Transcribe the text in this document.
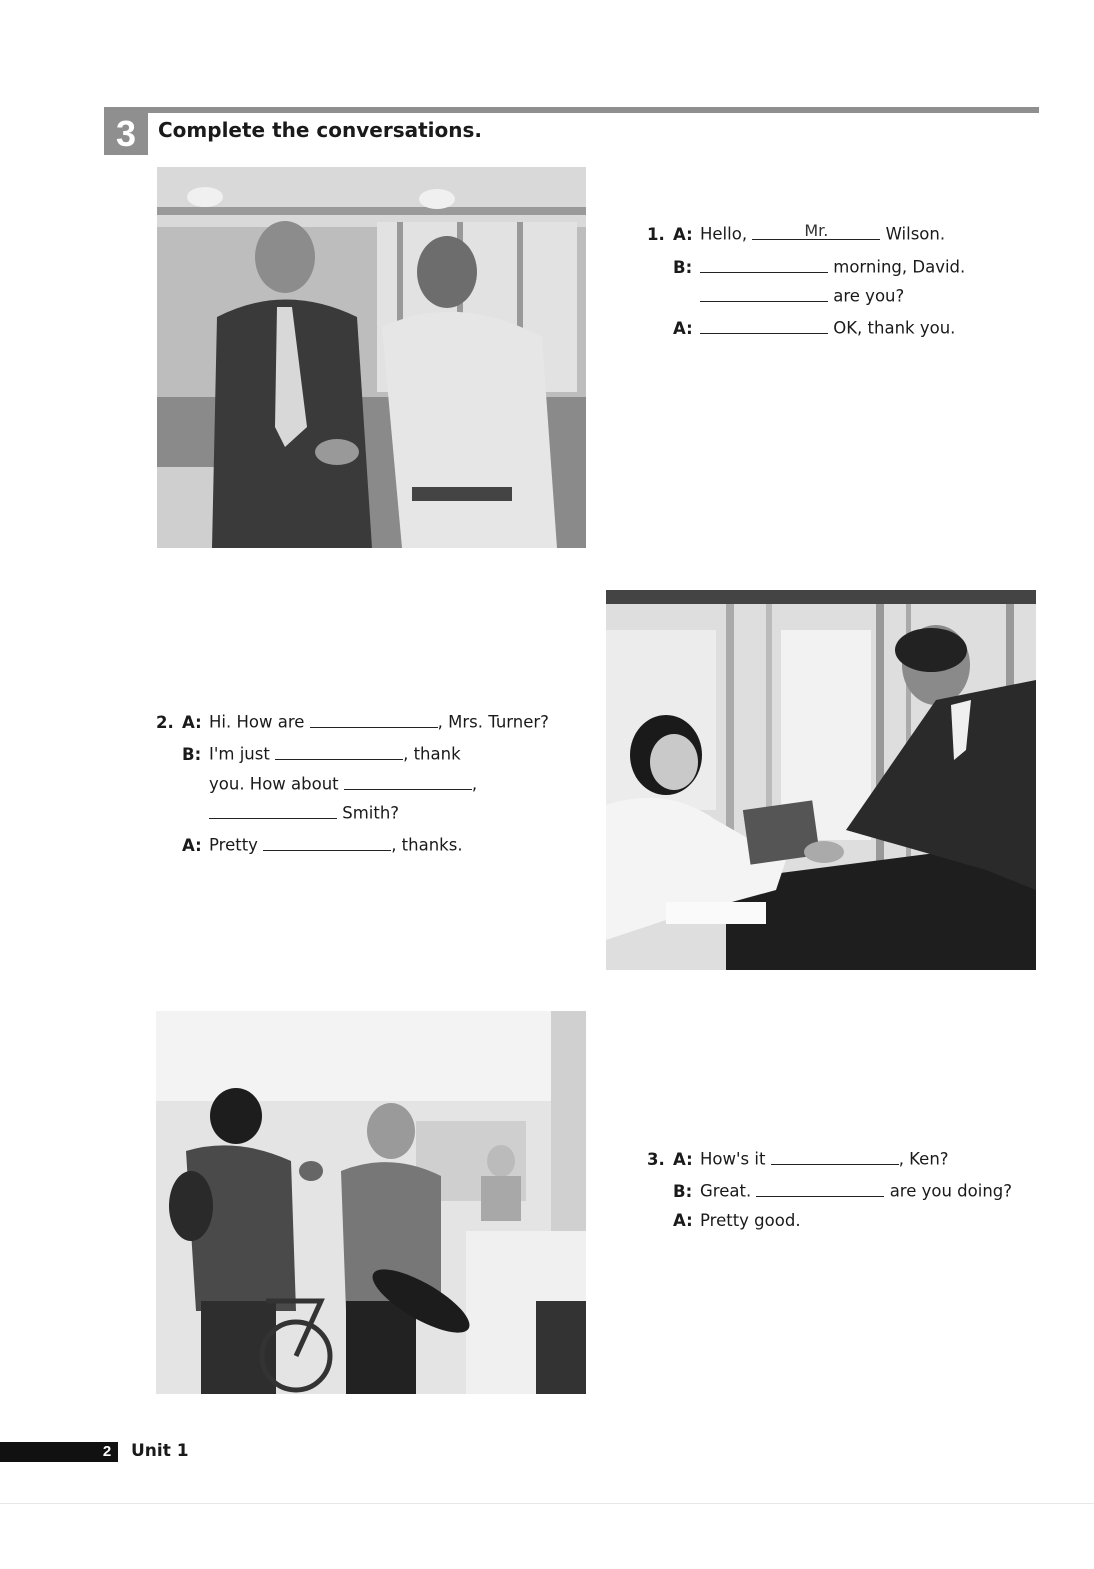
3	Complete the conversations.
1. A: Hello,	Mr.	Wilson.
B:	morning, David.
are you?
A:	OK, thank you.
2. A: Hi. How are	, Mrs. Turner?
B: I'm just	, thank
you. How about	,
Smith?
A: Pretty	, thanks.
3. A: How's it	, Ken?
B: Great.	are you doing?
A: Pretty good.
2 Unit 1
